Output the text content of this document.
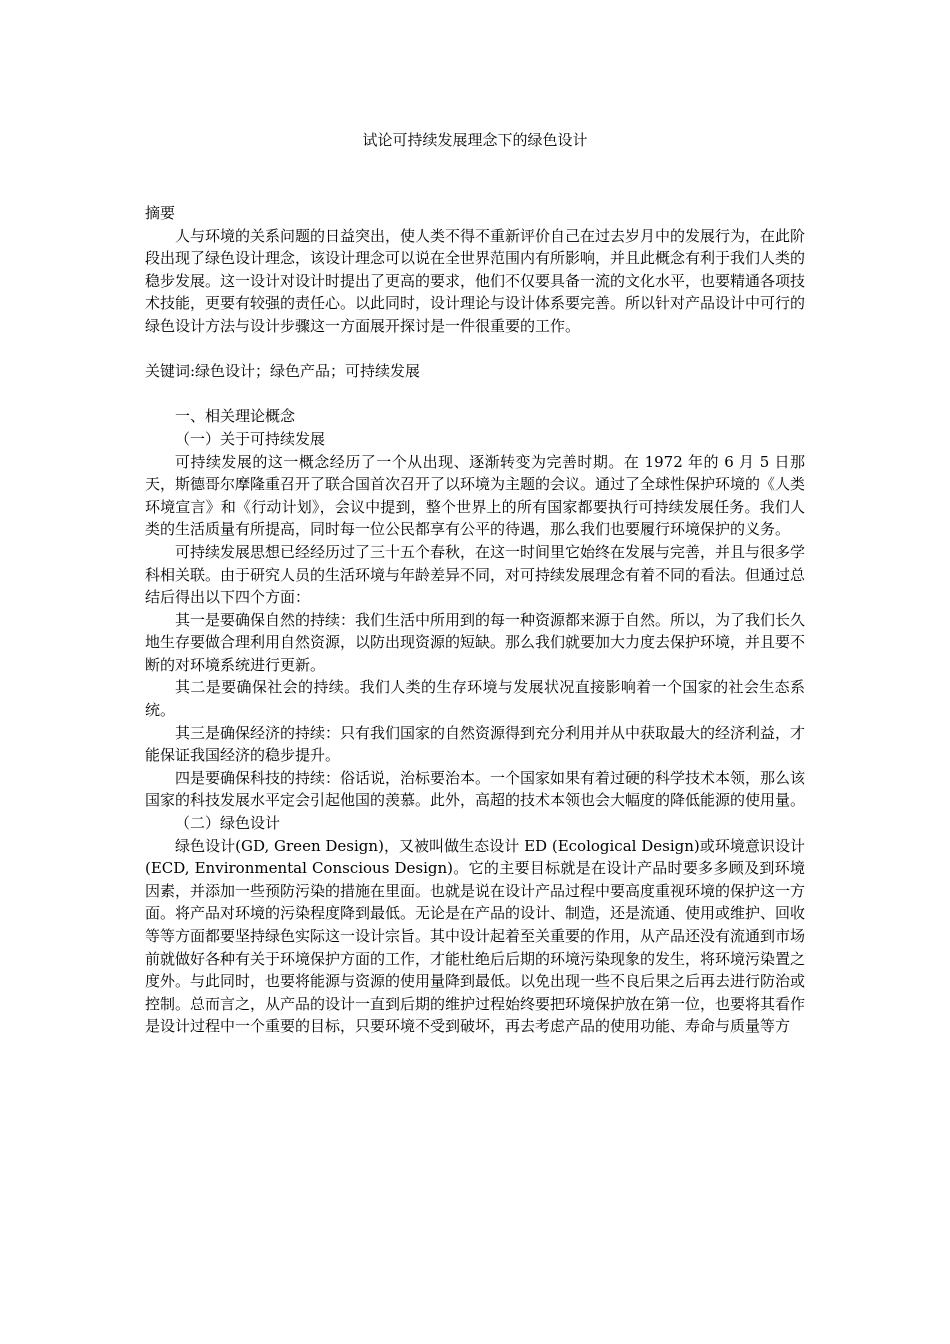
试论可持续发展理念下的绿色设计

摘要

人与环境的关系问题的日益突出，使人类不得不重新评价自己在过去岁月中的发展行为，在此阶段出现了绿色设计理念，该设计理念可以说在全世界范围内有所影响，并且此概念有利于我们人类的稳步发展。这一设计对设计时提出了更高的要求，他们不仅要具备一流的文化水平，也要精通各项技术技能，更要有较强的责任心。以此同时，设计理论与设计体系要完善。所以针对产品设计中可行的绿色设计方法与设计步骤这一方面展开探讨是一件很重要的工作。

关键词:绿色设计；绿色产品；可持续发展

一、相关理论概念

（一）关于可持续发展

可持续发展的这一概念经历了一个从出现、逐渐转变为完善时期。在 1972 年的 6 月 5 日那天，斯德哥尔摩隆重召开了联合国首次召开了以环境为主题的会议。通过了全球性保护环境的《人类环境宣言》和《行动计划》，会议中提到，整个世界上的所有国家都要执行可持续发展任务。我们人类的生活质量有所提高，同时每一位公民都享有公平的待遇，那么我们也要履行环境保护的义务。

可持续发展思想已经经历过了三十五个春秋，在这一时间里它始终在发展与完善，并且与很多学科相关联。由于研究人员的生活环境与年龄差异不同，对可持续发展理念有着不同的看法。但通过总结后得出以下四个方面：

其一是要确保自然的持续：我们生活中所用到的每一种资源都来源于自然。所以，为了我们长久地生存要做合理利用自然资源，以防出现资源的短缺。那么我们就要加大力度去保护环境，并且要不断的对环境系统进行更新。

其二是要确保社会的持续。我们人类的生存环境与发展状况直接影响着一个国家的社会生态系统。

其三是确保经济的持续：只有我们国家的自然资源得到充分利用并从中获取最大的经济利益，才能保证我国经济的稳步提升。

四是要确保科技的持续：俗话说，治标要治本。一个国家如果有着过硬的科学技术本领，那么该国家的科技发展水平定会引起他国的羡慕。此外，高超的技术本领也会大幅度的降低能源的使用量。

（二）绿色设计

绿色设计(GD, Green Design)，又被叫做生态设计 ED (Ecological Design)或环境意识设计(ECD, Environmental Conscious Design)。它的主要目标就是在设计产品时要多多顾及到环境因素，并添加一些预防污染的措施在里面。也就是说在设计产品过程中要高度重视环境的保护这一方面。将产品对环境的污染程度降到最低。无论是在产品的设计、制造，还是流通、使用或维护、回收等等方面都要坚持绿色实际这一设计宗旨。其中设计起着至关重要的作用，从产品还没有流通到市场前就做好各种有关于环境保护方面的工作，才能杜绝后后期的环境污染现象的发生，将环境污染置之度外。与此同时，也要将能源与资源的使用量降到最低。以免出现一些不良后果之后再去进行防治或控制。总而言之，从产品的设计一直到后期的维护过程始终要把环境保护放在第一位，也要将其看作是设计过程中一个重要的目标，只要环境不受到破坏，再去考虑产品的使用功能、寿命与质量等方
